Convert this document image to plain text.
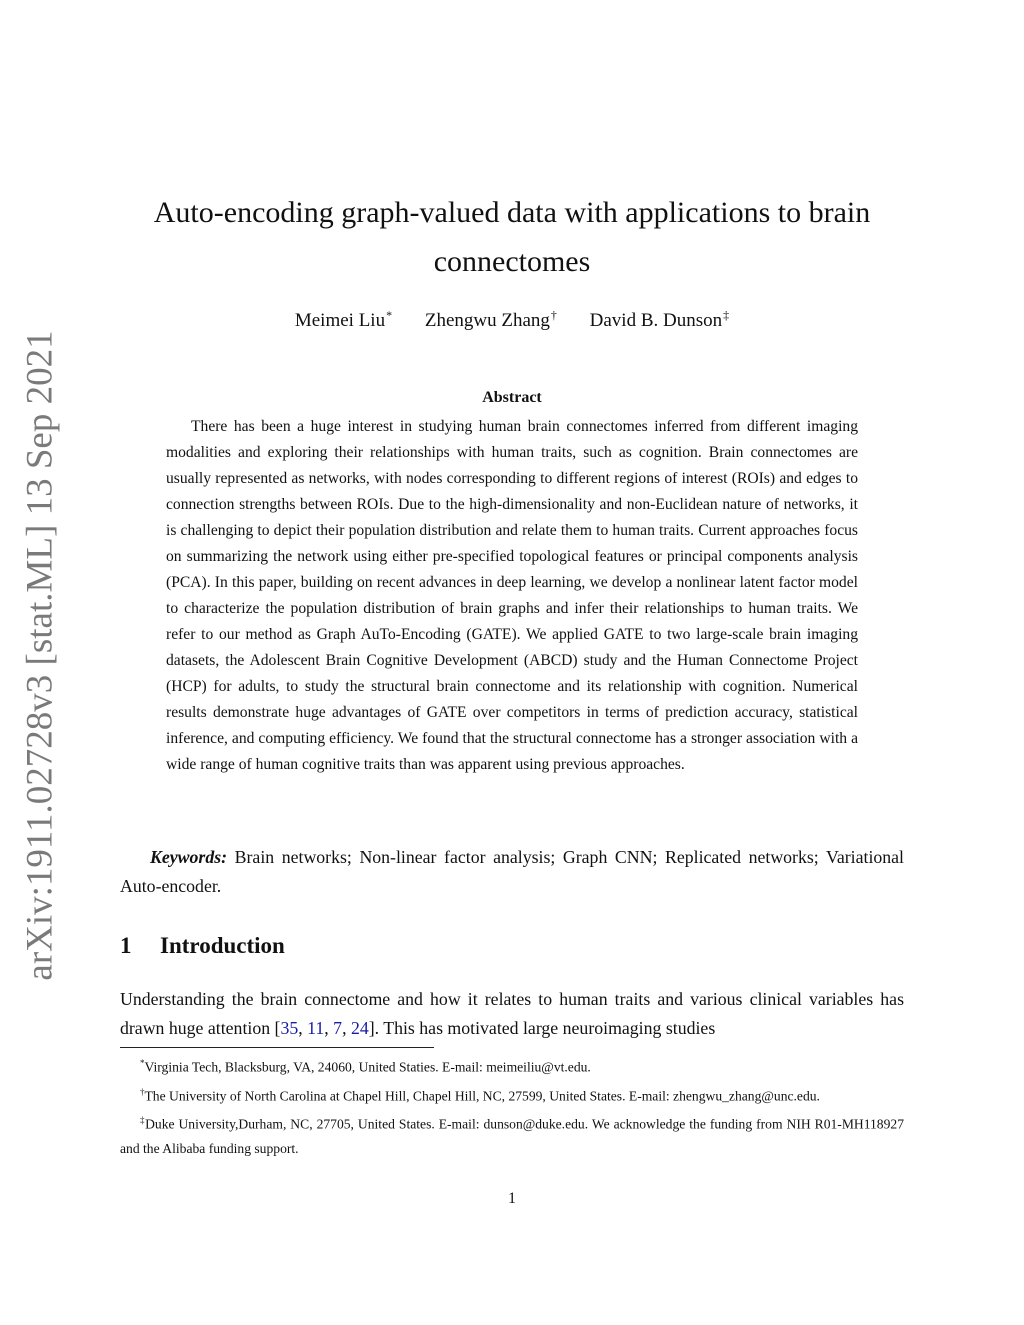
arXiv:1911.02728v3 [stat.ML] 13 Sep 2021
Auto-encoding graph-valued data with applications to brain
connectomes
Meimei Liu* Zhengwu Zhang† David B. Dunson‡
Abstract
There has been a huge interest in studying human brain connectomes inferred from different imaging modalities and exploring their relationships with human traits, such as cognition. Brain connectomes are usually represented as networks, with nodes corresponding to different regions of interest (ROIs) and edges to connection strengths between ROIs. Due to the high-dimensionality and non-Euclidean nature of networks, it is challenging to depict their population distribution and relate them to human traits. Current approaches focus on summarizing the network using either pre-specified topological features or principal components analysis (PCA). In this paper, building on recent advances in deep learning, we develop a nonlinear latent factor model to characterize the population distribution of brain graphs and infer their relationships to human traits. We refer to our method as Graph AuTo-Encoding (GATE). We applied GATE to two large-scale brain imaging datasets, the Adolescent Brain Cognitive Development (ABCD) study and the Human Connectome Project (HCP) for adults, to study the structural brain connectome and its relationship with cognition. Numerical results demonstrate huge advantages of GATE over competitors in terms of prediction accuracy, statistical inference, and computing efficiency. We found that the structural connectome has a stronger association with a wide range of human cognitive traits than was apparent using previous approaches.
Keywords: Brain networks; Non-linear factor analysis; Graph CNN; Replicated networks; Variational Auto-encoder.
1 Introduction
Understanding the brain connectome and how it relates to human traits and various clinical variables has drawn huge attention [35, 11, 7, 24]. This has motivated large neuroimaging studies

*Virginia Tech, Blacksburg, VA, 24060, United Staties. E-mail: meimeiliu@vt.edu.

†The University of North Carolina at Chapel Hill, Chapel Hill, NC, 27599, United States. E-mail: zhengwu_zhang@unc.edu.

‡Duke University,Durham, NC, 27705, United States. E-mail: dunson@duke.edu. We acknowledge the funding from NIH R01-MH118927 and the Alibaba funding support.

1
